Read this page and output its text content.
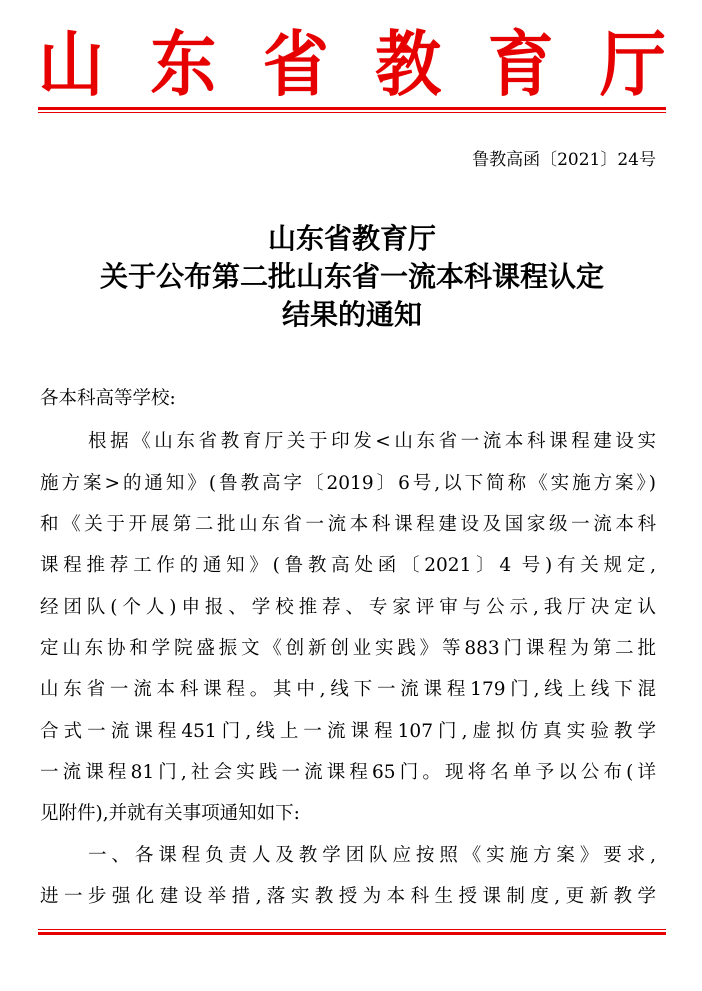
山 东 省 教 育 厅
鲁教高函〔2021〕24号
山东省教育厅
关于公布第二批山东省一流本科课程认定
结果的通知
各本科高等学校:
根据《山东省教育厅关于印发<山东省一流本科课程建设实
施方案>的通知》(鲁教高字〔2019〕6号,以下简称《实施方案》)
和《关于开展第二批山东省一流本科课程建设及国家级一流本科
课程推荐工作的通知》(鲁教高处函〔2021〕4 号)有关规定,
经团队(个人)申报、学校推荐、专家评审与公示,我厅决定认
定山东协和学院盛振文《创新创业实践》等883门课程为第二批
山东省一流本科课程。其中,线下一流课程179门,线上线下混
合式一流课程451门,线上一流课程107门,虚拟仿真实验教学
一流课程81门,社会实践一流课程65门。现将名单予以公布(详
见附件),并就有关事项通知如下:
一、各课程负责人及教学团队应按照《实施方案》要求,
进一步强化建设举措,落实教授为本科生授课制度,更新教学
